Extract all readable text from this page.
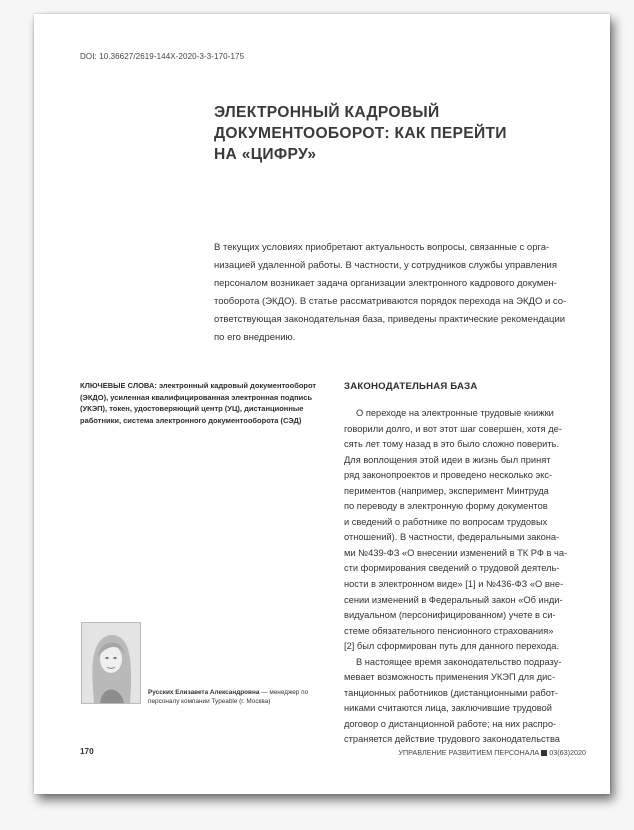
DOI: 10.36627/2619-144X-2020-3-3-170-175
ЭЛЕКТРОННЫЙ КАДРОВЫЙ
ДОКУМЕНТООБОРОТ: КАК ПЕРЕЙТИ
НА «ЦИФРУ»
В текущих условиях приобретают актуальность вопросы, связанные с орга-
низацией удаленной работы. В частности, у сотрудников службы управления
персоналом возникает задача организации электронного кадрового докумен-
тооборота (ЭКДО). В статье рассматриваются порядок перехода на ЭКДО и со-
ответствующая законодательная база, приведены практические рекомендации
по его внедрению.
КЛЮЧЕВЫЕ СЛОВА: электронный кадровый документооборот
(ЭКДО), усиленная квалифицированная электронная подпись
(УКЭП), токен, удостоверяющий центр (УЦ), дистанционные
работники, система электронного документооборота (СЭД)
ЗАКОНОДАТЕЛЬНАЯ БАЗА
О переходе на электронные трудовые книжки
говорили долго, и вот этот шаг совершен, хотя де-
сять лет тому назад в это было сложно поверить.
Для воплощения этой идеи в жизнь был принят
ряд законопроектов и проведено несколько экс-
периментов (например, эксперимент Минтруда
по переводу в электронную форму документов
и сведений о работнике по вопросам трудовых
отношений). В частности, федеральными закона-
ми №439-ФЗ «О внесении изменений в ТК РФ в ча-
сти формирования сведений о трудовой деятель-
ности в электронном виде» [1] и №436-ФЗ «О вне-
сении изменений в Федеральный закон «Об инди-
видуальном (персонифицированном) учете в си-
стеме обязательного пенсионного страхования»
[2] был сформирован путь для данного перехода.
В настоящее время законодательство подразу-
мевает возможность применения УКЭП для дис-
танционных работников (дистанционными работ-
никами считаются лица, заключившие трудовой
договор о дистанционной работе; на них распро-
страняется действие трудового законодательства
Русских Елизавета Александровна — менеджер по
персоналу компании Typeable (г. Москва)
170	УПРАВЛЕНИЕ РАЗВИТИЕМ ПЕРСОНАЛА 03(63)2020
